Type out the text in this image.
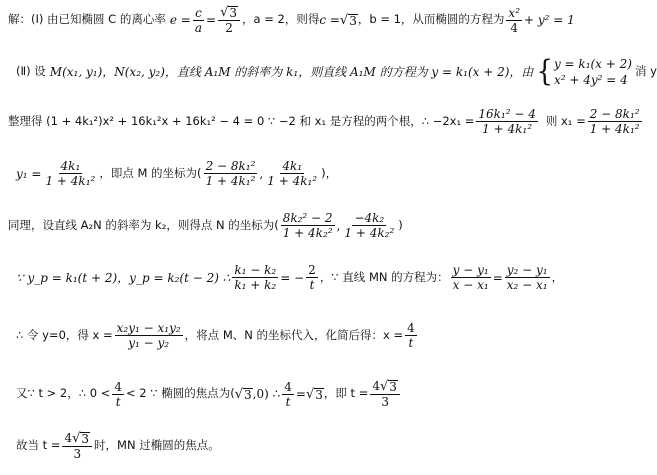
解：(Ⅰ) 由已知椭圆 C 的离心率 $e = \frac{c}{a} = \frac{√ 3}{2}$ ，a = 2，则得 c = √ 3 ，b = 1，从而椭圆的方程为 x²
4
+ y² = 1
(Ⅱ) 设 M(x₁, y₁)，N(x₂, y₂)，直线 A₁M 的斜率为 k₁，则直线 A₁M 的方程为 y = k₁(x + 2)，由 { y = k₁(x + 2)
x² + 4y² = 4
消 y
整理得 (1 + 4k₁²)x² + 16k₁²x + 16k₁² − 4 = 0 ∵ −2 和 x₁ 是方程的两个根，∴ $-2x_1 = \frac{\text{16k₁² − 4}}{\text{1 + 4k₁²}}$ 则 $x_1 = \frac{\text{2 − 8k₁²}}{\text{1 + 4k₁²}}$
$y_1 = \frac{\text{4k₁}}{\text{1 + 4k₁²}}$ ，即点 M 的坐标为( 2 − 8k₁²
1 + 4k₁²
,
4k₁
1 + 4k₁²
)，
同理，设直线 A₂N 的斜率为 k₂，则得点 N 的坐标为( 8k₂² − 2
1 + 4k₂²
,
−4k₂
1 + 4k₂²
)
∵ y_p = k₁(t + 2)，y_p = k₂(t − 2) ∴ $\frac{\text{k₁ − k₂}}{\text{k₁ + k₂}}$ = − $\frac{2}{t}$ ，∵ 直线 MN 的方程为： $\frac{\text{y − y₁}}{\text{x − x₁}} = \frac{\text{y₂ − y₁}}{\text{x₂ − x₁}}$ ，
∴ 令 y=0，得 $x = \frac{\text{x₂y₁ − x₁y₂}}{\text{y₁ − y₂}}$ ，将点 M、N 的坐标代入，化简后得：$x = \frac{4}{t}$
又∵ t > 2，∴ 0 < 4
t
< 2 ∵ 椭圆的焦点为( √ 3 ,0) ∴ $\frac{4}{t}$ = √ 3 ，即 $t = \frac{4 √ 3}{3}$
故当 $t = \frac{4 √ 3}{3}$ 时，MN 过椭圆的焦点。
